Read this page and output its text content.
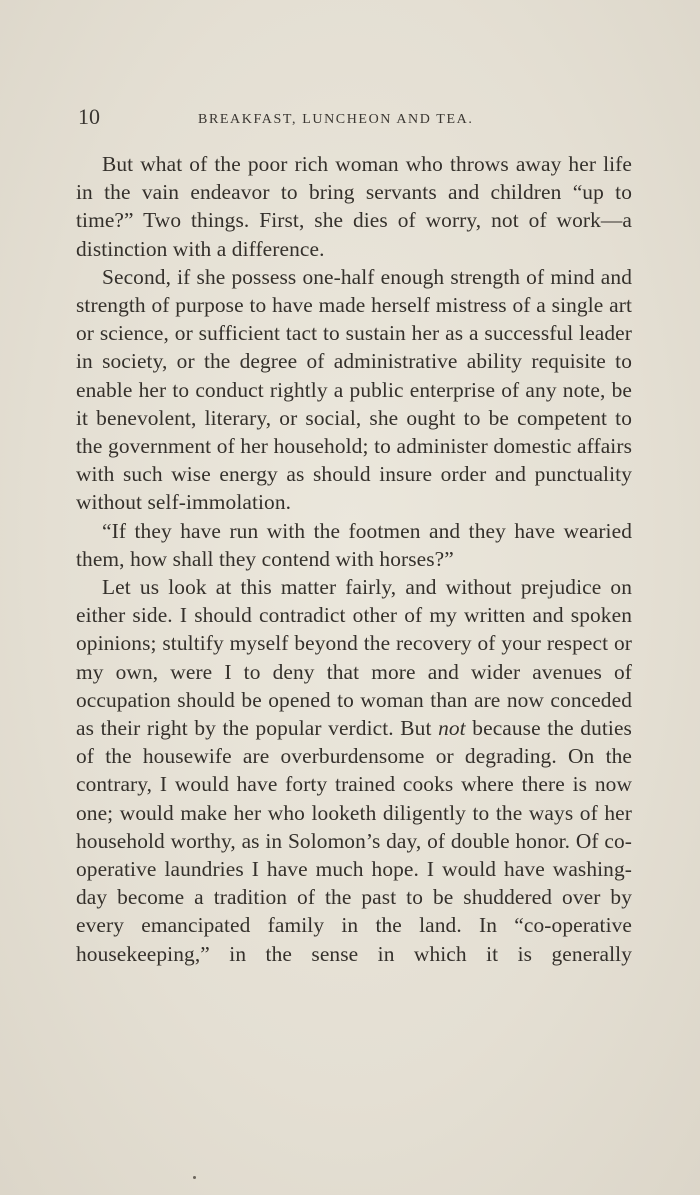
10	BREAKFAST, LUNCHEON AND TEA.

But what of the poor rich woman who throws away her life in the vain endeavor to bring servants and children “up to time?” Two things. First, she dies of worry, not of work—a distinction with a difference.

Second, if she possess one-half enough strength of mind and strength of purpose to have made herself mistress of a single art or science, or sufficient tact to sustain her as a successful leader in society, or the degree of administrative ability requisite to enable her to conduct rightly a public enterprise of any note, be it benevolent, literary, or social, she ought to be competent to the government of her household; to administer domestic affairs with such wise energy as should insure order and punctuality without self-immolation.

“If they have run with the footmen and they have wearied them, how shall they contend with horses?”

Let us look at this matter fairly, and without prejudice on either side. I should contradict other of my written and spoken opinions; stultify myself beyond the recovery of your respect or my own, were I to deny that more and wider avenues of occupation should be opened to woman than are now conceded as their right by the popular verdict. But not because the duties of the housewife are overburdensome or degrading. On the contrary, I would have forty trained cooks where there is now one; would make her who looketh diligently to the ways of her household worthy, as in Solomon’s day, of double honor. Of co-operative laundries I have much hope. I would have washing-day become a tradition of the past to be shuddered over by every emancipated family in the land. In “co-operative housekeeping,” in the sense in which it is generally
